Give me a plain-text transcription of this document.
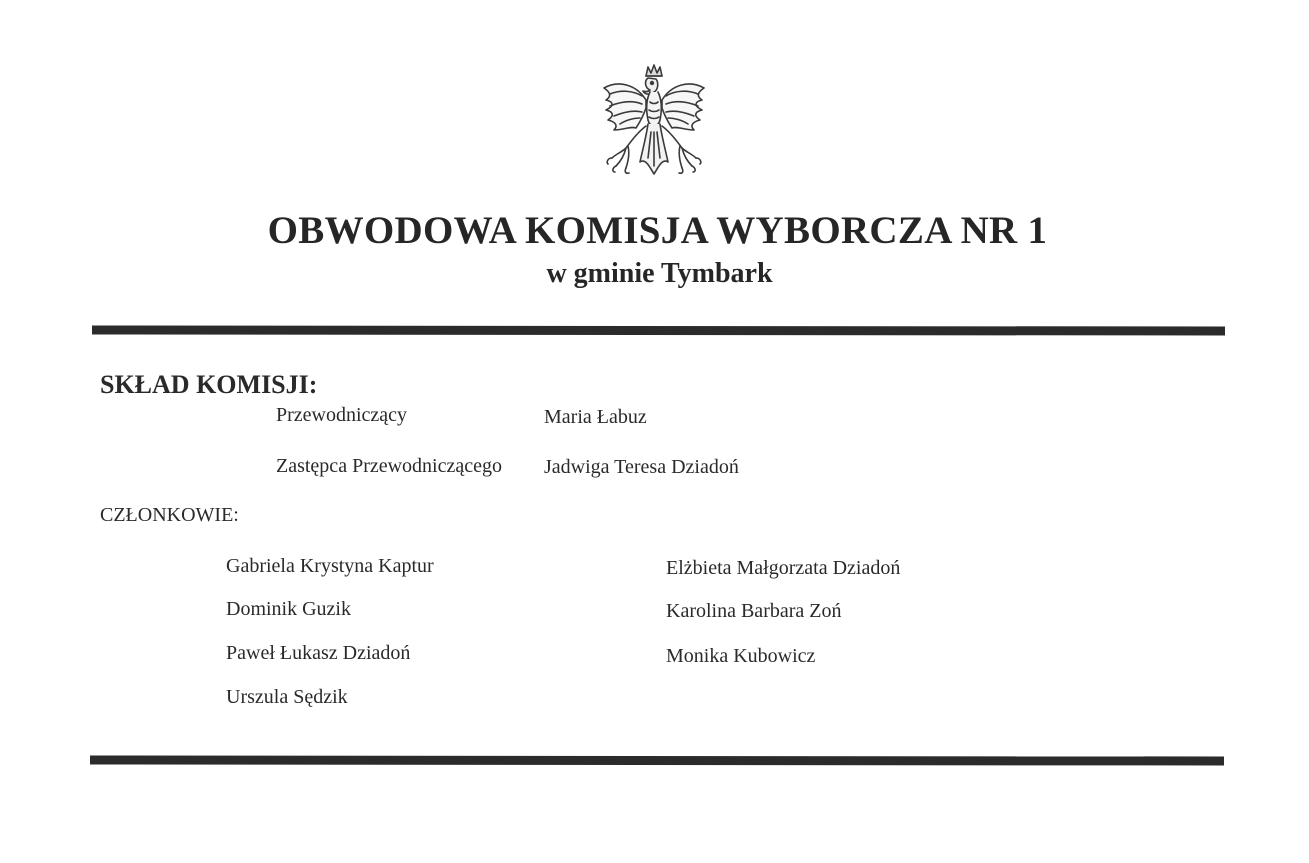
OBWODOWA KOMISJA WYBORCZA NR 1
w gminie Tymbark
SKŁAD KOMISJI:
Przewodniczący	Maria Łabuz
Zastępca Przewodniczącego Jadwiga Teresa Dziadoń
CZŁONKOWIE:
Gabriela Krystyna Kaptur
Dominik Guzik
Paweł Łukasz Dziadoń
Urszula Sędzik
Elżbieta Małgorzata Dziadoń
Karolina Barbara Zoń
Monika Kubowicz
